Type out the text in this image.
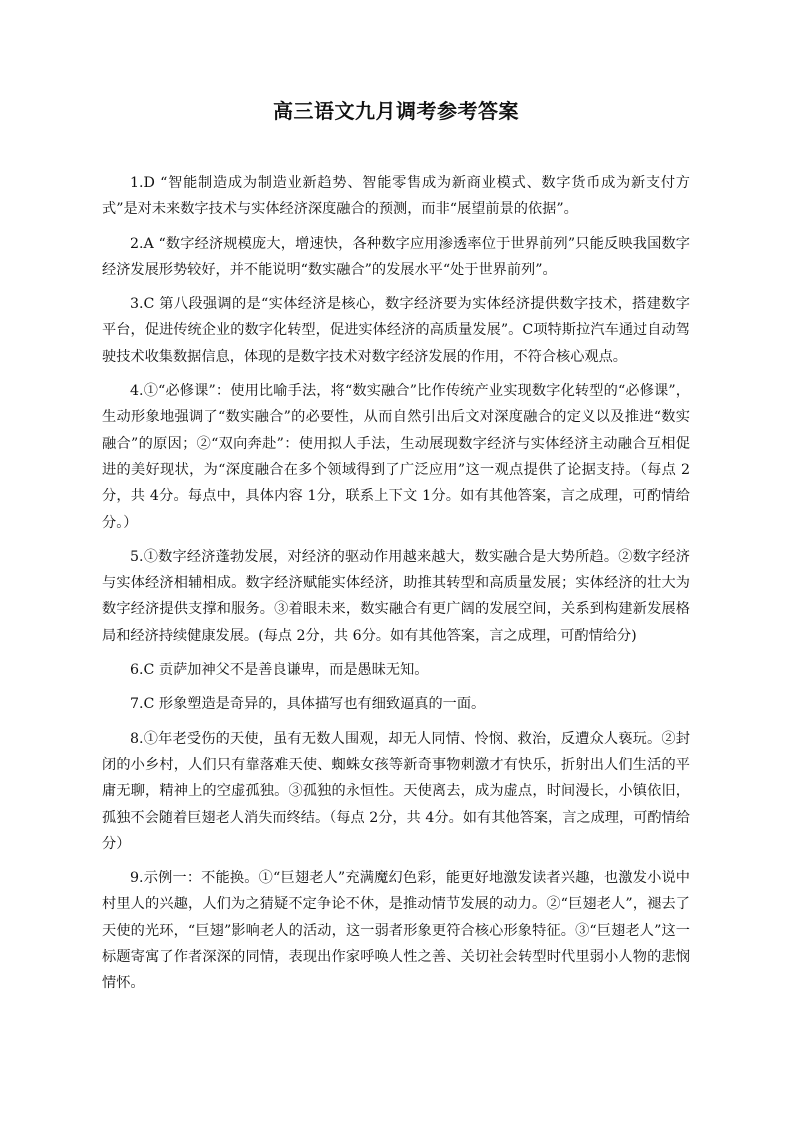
高三语文九月调考参考答案

1.D “智能制造成为制造业新趋势、智能零售成为新商业模式、数字货币成为新支付方式”是对未来数字技术与实体经济深度融合的预测，而非“展望前景的依据”。

2.A “数字经济规模庞大，增速快，各种数字应用渗透率位于世界前列”只能反映我国数字经济发展形势较好，并不能说明“数实融合”的发展水平“处于世界前列”。

3.C 第八段强调的是“实体经济是核心，数字经济要为实体经济提供数字技术，搭建数字平台，促进传统企业的数字化转型，促进实体经济的高质量发展”。C项特斯拉汽车通过自动驾驶技术收集数据信息，体现的是数字技术对数字经济发展的作用，不符合核心观点。

4.①“必修课”：使用比喻手法，将“数实融合”比作传统产业实现数字化转型的“必修课”，生动形象地强调了“数实融合”的必要性，从而自然引出后文对深度融合的定义以及推进“数实融合”的原因；②“双向奔赴”：使用拟人手法，生动展现数字经济与实体经济主动融合互相促进的美好现状，为“深度融合在多个领域得到了广泛应用”这一观点提供了论据支持。（每点 2分，共 4分。每点中，具体内容 1分，联系上下文 1分。如有其他答案，言之成理，可酌情给分。）

5.①数字经济蓬勃发展，对经济的驱动作用越来越大，数实融合是大势所趋。②数字经济与实体经济相辅相成。数字经济赋能实体经济，助推其转型和高质量发展；实体经济的壮大为数字经济提供支撑和服务。③着眼未来，数实融合有更广阔的发展空间，关系到构建新发展格局和经济持续健康发展。(每点 2分，共 6分。如有其他答案，言之成理，可酌情给分)

6.C 贡萨加神父不是善良谦卑，而是愚昧无知。

7.C 形象塑造是奇异的，具体描写也有细致逼真的一面。

8.①年老受伤的天使，虽有无数人围观，却无人同情、怜悯、救治，反遭众人亵玩。②封闭的小乡村，人们只有靠落难天使、蜘蛛女孩等新奇事物刺激才有快乐，折射出人们生活的平庸无聊，精神上的空虚孤独。③孤独的永恒性。天使离去，成为虚点，时间漫长，小镇依旧，孤独不会随着巨翅老人消失而终结。（每点 2分，共 4分。如有其他答案，言之成理，可酌情给分）

9.示例一：不能换。①“巨翅老人”充满魔幻色彩，能更好地激发读者兴趣，也激发小说中村里人的兴趣，人们为之猜疑不定争论不休，是推动情节发展的动力。②“巨翅老人”，褪去了天使的光环，“巨翅”影响老人的活动，这一弱者形象更符合核心形象特征。③“巨翅老人”这一标题寄寓了作者深深的同情，表现出作家呼唤人性之善、关切社会转型时代里弱小人物的悲悯情怀。
